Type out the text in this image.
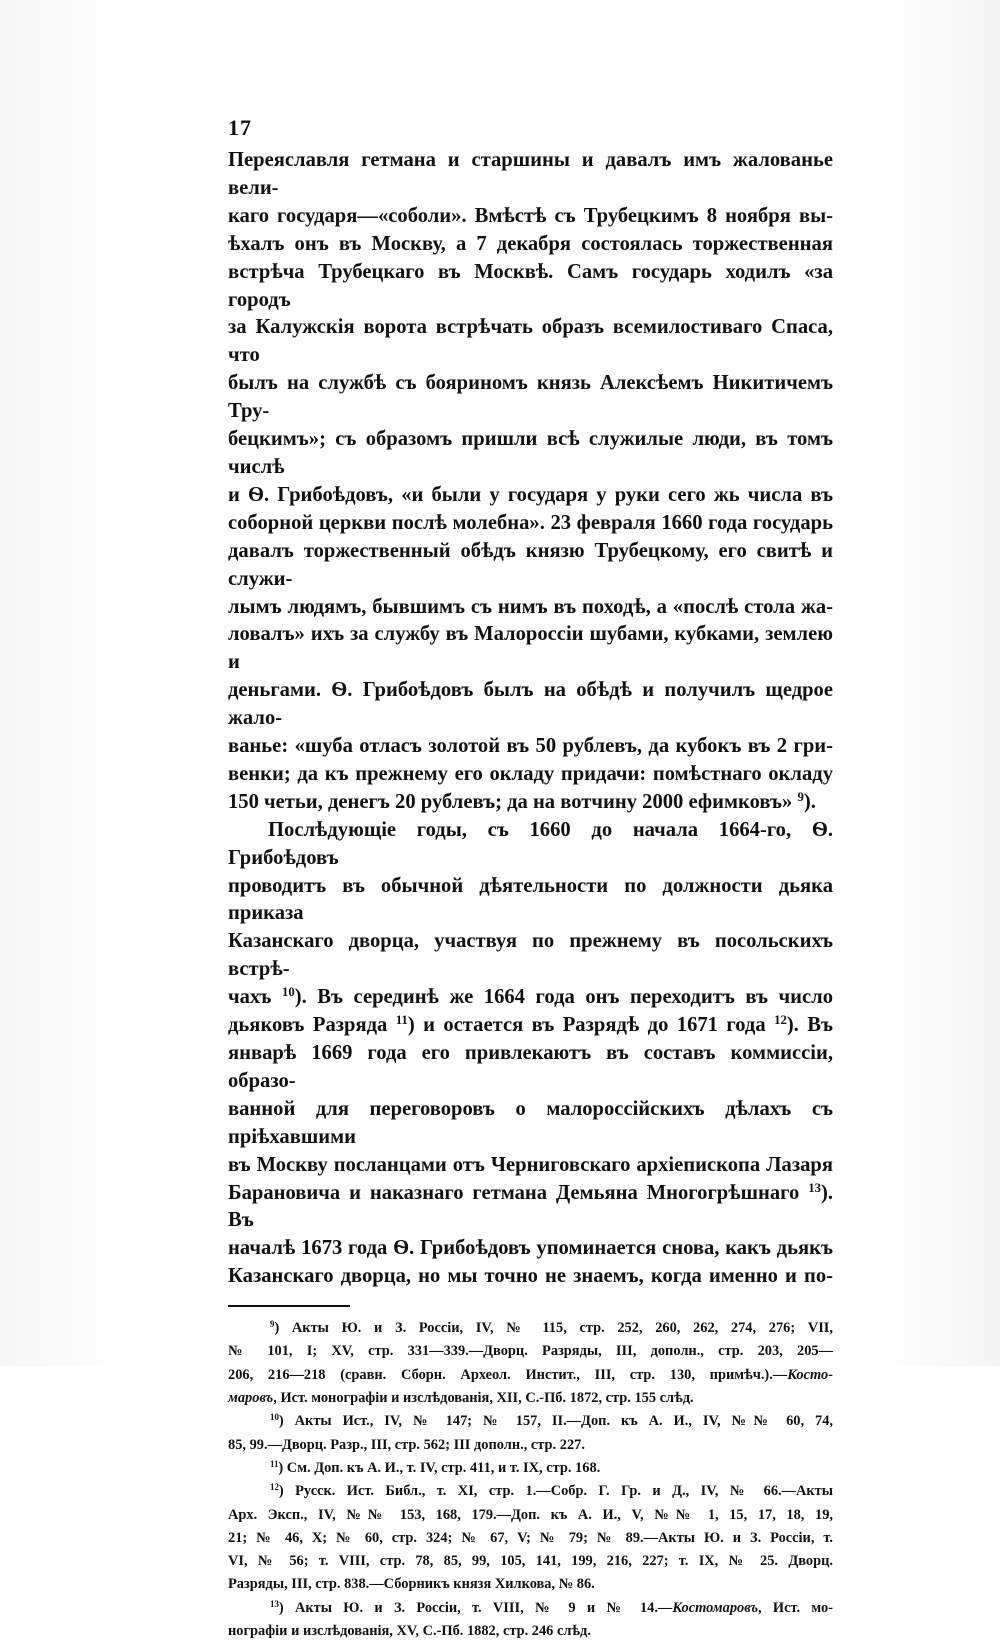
17

Переяславля гетмана и старшины и давалъ имъ жалованье вели-

каго государя—«соболи». Вмѣстѣ съ Трубецкимъ 8 ноября вы-

ѣхалъ онъ въ Москву, а 7 декабря состоялась торжественная

встрѣча Трубецкаго въ Москвѣ. Самъ государь ходилъ «за городъ

за Калужскія ворота встрѣчать образъ всемилостиваго Спаса, что

былъ на службѣ съ бояриномъ князь Алексѣемъ Никитичемъ Тру-

бецкимъ»; съ образомъ пришли всѣ служилые люди, въ томъ числѣ

и Ѳ. Грибоѣдовъ, «и были у государя у руки сего жь числа въ

соборной церкви послѣ молебна». 23 февраля 1660 года государь

давалъ торжественный обѣдъ князю Трубецкому, его свитѣ и служи-

лымъ людямъ, бывшимъ съ нимъ въ походѣ, а «послѣ стола жа-

ловалъ» ихъ за службу въ Малороссіи шубами, кубками, землею и

деньгами. Ѳ. Грибоѣдовъ былъ на обѣдѣ и получилъ щедрое жало-

ванье: «шуба отласъ золотой въ 50 рублевъ, да кубокъ въ 2 гри-

венки; да къ прежнему его окладу придачи: помѣстнаго окладу

150 четьи, денегъ 20 рублевъ; да на вотчину 2000 ефимковъ» $^9$).

Послѣдующіе годы, съ 1660 до начала 1664-го, Ѳ. Грибоѣдовъ

проводитъ въ обычной дѣятельности по должности дьяка приказа

Казанскаго дворца, участвуя по прежнему въ посольскихъ встрѣ-

чахъ $^{10}$). Въ серединѣ же 1664 года онъ переходитъ въ число

дьяковъ Разряда $^{11}$) и остается въ Разрядѣ до 1671 года $^{12}$). Въ

январѣ 1669 года его привлекаютъ въ составъ коммиссіи, образо-

ванной для переговоровъ о малороссійскихъ дѣлахъ съ пріѣхавшими

въ Москву посланцами отъ Черниговскаго архіепископа Лазаря

Барановича и наказнаго гетмана Демьяна Многогрѣшнаго $^{13}$). Въ

началѣ 1673 года Ѳ. Грибоѣдовъ упоминается снова, какъ дьякъ

Казанскаго дворца, но мы точно не знаемъ, когда именно и по-

$^9$) Акты Ю. и З. Россіи, IV, № 115, стр. 252, 260, 262, 274, 276; VII,

№ 101, I; XV, стр. 331—339.—Дворц. Разряды, III, дополн., стр. 203, 205—

206, 216—218 (сравн. Сборн. Археол. Инстит., III, стр. 130, примѣч.).—Косто-

маровъ, Ист. монографіи и изслѣдованія, XII, С.-Пб. 1872, стр. 155 слѣд.

$^{10}$) Акты Ист., IV, № 147; № 157, II.—Доп. къ А. И., IV, №№ 60, 74,

85, 99.—Дворц. Разр., III, стр. 562; III дополн., стр. 227.

$^{11}$) См. Доп. къ А. И., т. IV, стр. 411, и т. IX, стр. 168.

$^{12}$) Русск. Ист. Библ., т. XI, стр. 1.—Собр. Г. Гр. и Д., IV, № 66.—Акты

Арх. Эксп., IV, №№ 153, 168, 179.—Доп. къ А. И., V, №№ 1, 15, 17, 18, 19,

21; № 46, X; № 60, стр. 324; № 67, V; № 79; № 89.—Акты Ю. и З. Россіи, т.

VI, № 56; т. VIII, стр. 78, 85, 99, 105, 141, 199, 216, 227; т. IX, № 25. Дворц.

Разряды, III, стр. 838.—Сборникъ князя Хилкова, № 86.

$^{13}$) Акты Ю. и З. Россіи, т. VIII, № 9 и № 14.—Костомаровъ, Ист. мо-

нографіи и изслѣдованія, XV, С.-Пб. 1882, стр. 246 слѣд.
